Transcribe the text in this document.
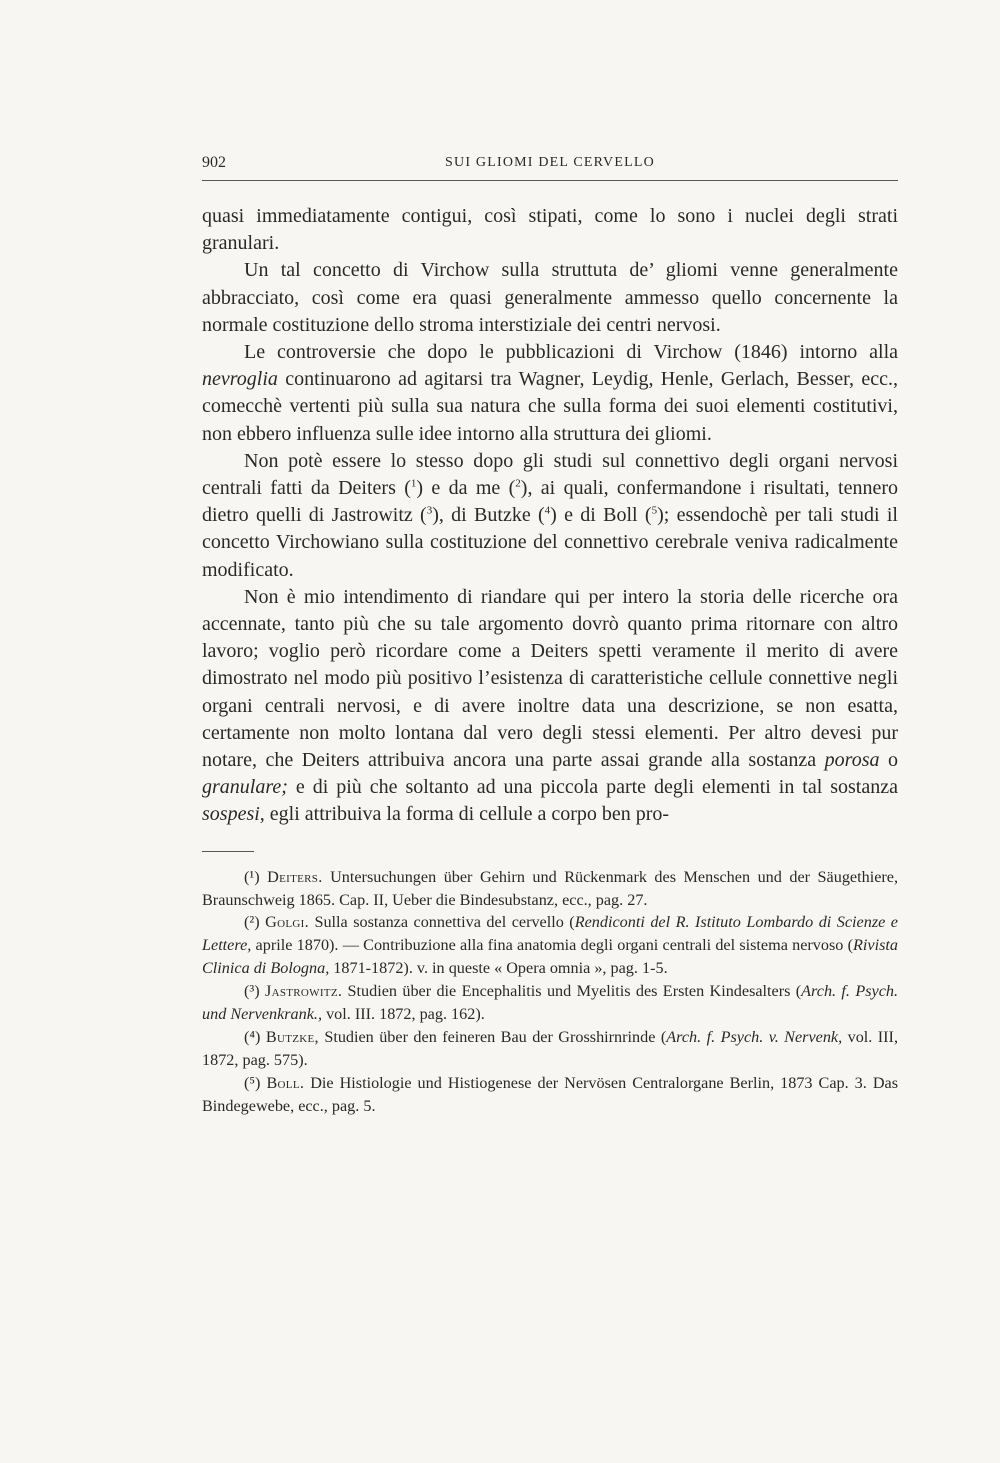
902	SUI GLIOMI DEL CERVELLO

quasi immediatamente contigui, così stipati, come lo sono i nuclei degli strati granulari.

Un tal concetto di Virchow sulla struttuta de’ gliomi venne generalmente abbracciato, così come era quasi generalmente ammesso quello concernente la normale costituzione dello stroma interstiziale dei centri nervosi.

Le controversie che dopo le pubblicazioni di Virchow (1846) intorno alla nevroglia continuarono ad agitarsi tra Wagner, Leydig, Henle, Gerlach, Besser, ecc., comecchè vertenti più sulla sua natura che sulla forma dei suoi elementi costitutivi, non ebbero influenza sulle idee intorno alla struttura dei gliomi.

Non potè essere lo stesso dopo gli studi sul connettivo degli organi nervosi centrali fatti da Deiters ($^1$) e da me ($^2$), ai quali, confermandone i risultati, tennero dietro quelli di Jastrowitz ($^3$), di Butzke ($^4$) e di Boll ($^5$); essendochè per tali studi il concetto Virchowiano sulla costituzione del connettivo cerebrale veniva radicalmente modificato.

Non è mio intendimento di riandare qui per intero la storia delle ricerche ora accennate, tanto più che su tale argomento dovrò quanto prima ritornare con altro lavoro; voglio però ricordare come a Deiters spetti veramente il merito di avere dimostrato nel modo più positivo l’esistenza di caratteristiche cellule connettive negli organi centrali nervosi, e di avere inoltre data una descrizione, se non esatta, certamente non molto lontana dal vero degli stessi elementi. Per altro devesi pur notare, che Deiters attribuiva ancora una parte assai grande alla sostanza porosa o granulare; e di più che soltanto ad una piccola parte degli elementi in tal sostanza sospesi, egli attribuiva la forma di cellule a corpo ben pro-

(¹) Deiters. Untersuchungen über Gehirn und Rückenmark des Menschen und der Säugethiere, Braunschweig 1865. Cap. II, Ueber die Bindesubstanz, ecc., pag. 27.

(²) Golgi. Sulla sostanza connettiva del cervello (Rendiconti del R. Istituto Lombardo di Scienze e Lettere, aprile 1870). — Contribuzione alla fina anatomia degli organi centrali del sistema nervoso (Rivista Clinica di Bologna, 1871-1872). v. in queste « Opera omnia », pag. 1-5.

(³) Jastrowitz. Studien über die Encephalitis und Myelitis des Ersten Kindesalters (Arch. f. Psych. und Nervenkrank., vol. III. 1872, pag. 162).

(⁴) Butzke, Studien über den feineren Bau der Grosshirnrinde (Arch. f. Psych. v. Nervenk, vol. III, 1872, pag. 575).

(⁵) Boll. Die Histiologie und Histiogenese der Nervösen Centralorgane Berlin, 1873 Cap. 3. Das Bindegewebe, ecc., pag. 5.
